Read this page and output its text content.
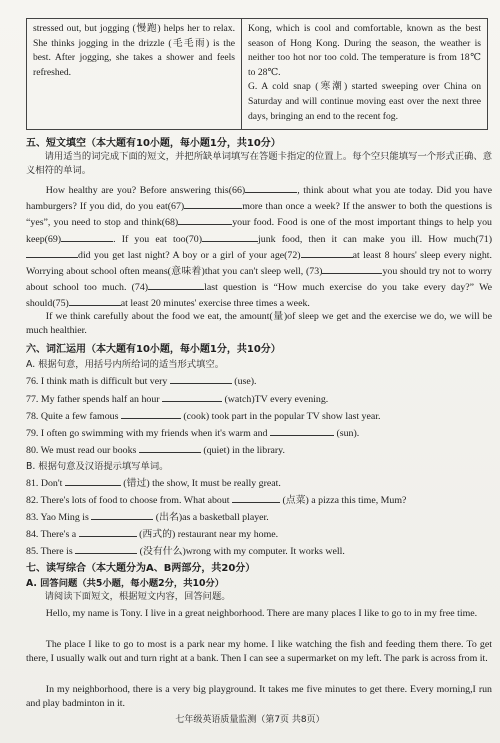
stressed out, but jogging (慢跑) helps her to relax. She thinks jogging in the drizzle (毛毛雨) is the best. After jogging, she takes a shower and feels refreshed.

Kong, which is cool and comfortable, known as the best season of Hong Kong. During the season, the weather is neither too hot nor too cold. The temperature is from 18℃ to 28℃.

G. A cold snap (寒潮) started sweeping over China on Saturday and will continue moving east over the next three days, bringing an end to the recent fog.

五、短文填空（本大题有10小题，每小题1分，共10分）
请用适当的词完成下面的短文，并把所缺单词填写在答题卡指定的位置上。每个空只能填写一个形式正确、意义相符的单词。
How healthy are you? Before answering this(66)	, think about what you ate today. Did you have hamburgers? If you did, do you eat(67)	more than once a week? If the answer to both the questions is “yes”, you need to stop and think(68)	your food. Food is one of the most important things to help you keep(69)	. If you eat too(70)	junk food, then it can make you ill. How much(71)did you get last night? A boy or a girl of your age(72)	at least 8 hours' sleep every night. Worrying about school often means(意味着)that you can't sleep well, (73)	you should try not to worry about school too much. (74)	last question is “How much exercise do you take every day?” We should(75)	at least 20 minutes' exercise three times a week.
If we think carefully about the food we eat, the amount(量)of sleep we get and the exercise we do, we will be much healthier.
六、词汇运用（本大题有10小题，每小题1分，共10分）
A. 根据句意，用括号内所给词的适当形式填空。
76. I think math is difficult but very	(use).
77. My father spends half an hour	(watch)TV every evening.
78. Quite a few famous	(cook) took part in the popular TV show last year.
79. I often go swimming with my friends when it's warm and	(sun).
80. We must read our books	(quiet) in the library.
B. 根据句意及汉语提示填写单词。
81. Don't	(错过) the show, It must be really great.
82. There's lots of food to choose from. What about	(点菜) a pizza this time, Mum?
83. Yao Ming is	(出名)as a basketball player.
84. There's a	(西式的) restaurant near my home.
85. There is	(没有什么)wrong with my computer. It works well.
七、读写综合（本大题分为A、B两部分，共20分）
A. 回答问题（共5小题，每小题2分，共10分）
请阅读下面短文，根据短文内容，回答问题。
Hello, my name is Tony. I live in a great neighborhood. There are many places I like to go to in my free time.
The place I like to go to most is a park near my home. I like watching the fish and feeding them there. To get there, I usually walk out and turn right at a bank. Then I can see a supermarket on my left. The park is across from it.
In my neighborhood, there is a very big playground. It takes me five minutes to get there. Every morning,I run and play badminton in it.
七年级英语质量监测（第7页 共8页）
